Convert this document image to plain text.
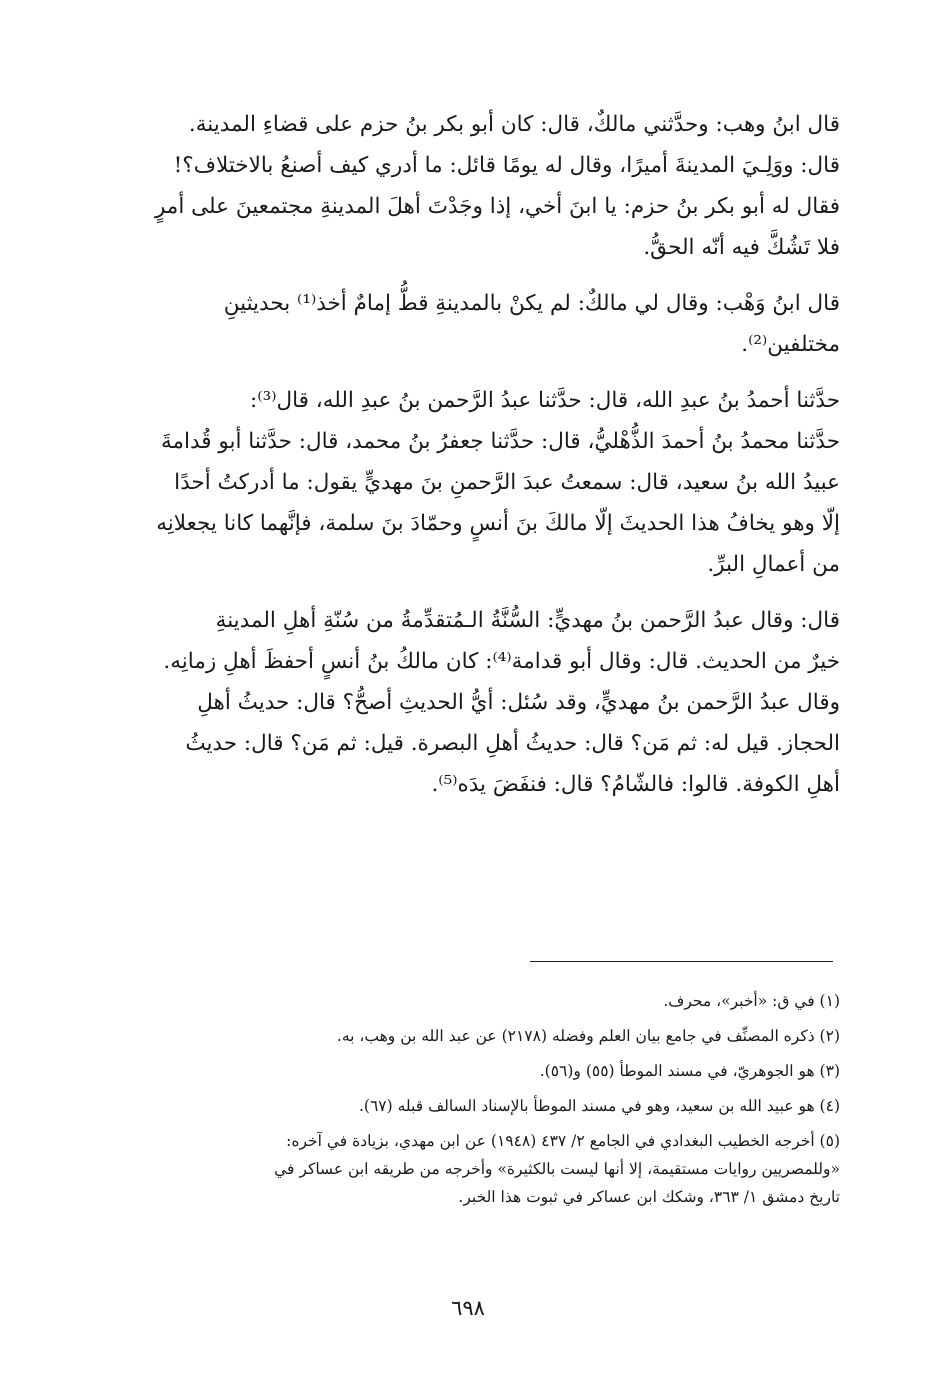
قال ابنُ وهب: وحدَّثني مالكٌ، قال: كان أبو بكر بنُ حزم على قضاءِ المدينة.
قال: ووَلِـيَ المدينةَ أميرًا، وقال له يومًا قائل: ما أدري كيف أصنعُ بالاختلاف؟!
فقال له أبو بكر بنُ حزم: يا ابنَ أخي، إذا وجَدْتَ أهلَ المدينةِ مجتمعينَ على أمرٍ
فلا تَشُكَّ فيه أنّه الحقُّ.

قال ابنُ وَهْب: وقال لي مالكٌ: لم يكنْ بالمدينةِ قطُّ إمامٌ أخذ⁽¹⁾ بحديثينِ
مختلفين⁽²⁾.

حدَّثنا أحمدُ بنُ عبدِ الله، قال: حدَّثنا عبدُ الرَّحمن بنُ عبدِ الله، قال⁽³⁾:
حدَّثنا محمدُ بنُ أحمدَ الذُّهْليُّ، قال: حدَّثنا جعفرُ بنُ محمد، قال: حدَّثنا أبو قُدامةَ
عبيدُ الله بنُ سعيد، قال: سمعتُ عبدَ الرَّحمنِ بنَ مهديٍّ يقول: ما أدركتُ أحدًا
إلّا وهو يخافُ هذا الحديثَ إلّا مالكَ بنَ أنسٍ وحمّادَ بنَ سلمة، فإنَّهما كانا يجعلانِه
من أعمالِ البرِّ.

قال: وقال عبدُ الرَّحمن بنُ مهديٍّ: السُّنَّةُ الـمُتقدِّمةُ من سُنّةِ أهلِ المدينةِ
خيرٌ من الحديث. قال: وقال أبو قدامة⁽⁴⁾: كان مالكُ بنُ أنسٍ أحفظَ أهلِ زمانِه.
وقال عبدُ الرَّحمن بنُ مهديٍّ، وقد سُئل: أيُّ الحديثِ أصحُّ؟ قال: حديثُ أهلِ
الحجاز. قيل له: ثم مَن؟ قال: حديثُ أهلِ البصرة. قيل: ثم مَن؟ قال: حديثُ
أهلِ الكوفة. قالوا: فالشّامُ؟ قال: فنفَضَ يدَه⁽⁵⁾.

(١) في ق: «أخبر»، محرف.

(٢) ذكره المصنِّف في جامع بيان العلم وفضله (٢١٧٨) عن عبد الله بن وهب، به.

(٣) هو الجوهريّ، في مسند الموطأ (٥٥) و(٥٦).

(٤) هو عبيد الله بن سعيد، وهو في مسند الموطأ بالإسناد السالف قبله (٦٧).

(٥) أخرجه الخطيب البغدادي في الجامع ٢/ ٤٣٧ (١٩٤٨) عن ابن مهدي، بزيادة في آخره:
«وللمصريين روايات مستقيمة، إلا أنها ليست بالكثيرة» وأخرجه من طريقه ابن عساكر في
تاريخ دمشق ١/ ٣٦٣، وشكك ابن عساكر في ثبوت هذا الخبر.

٦٩٨
